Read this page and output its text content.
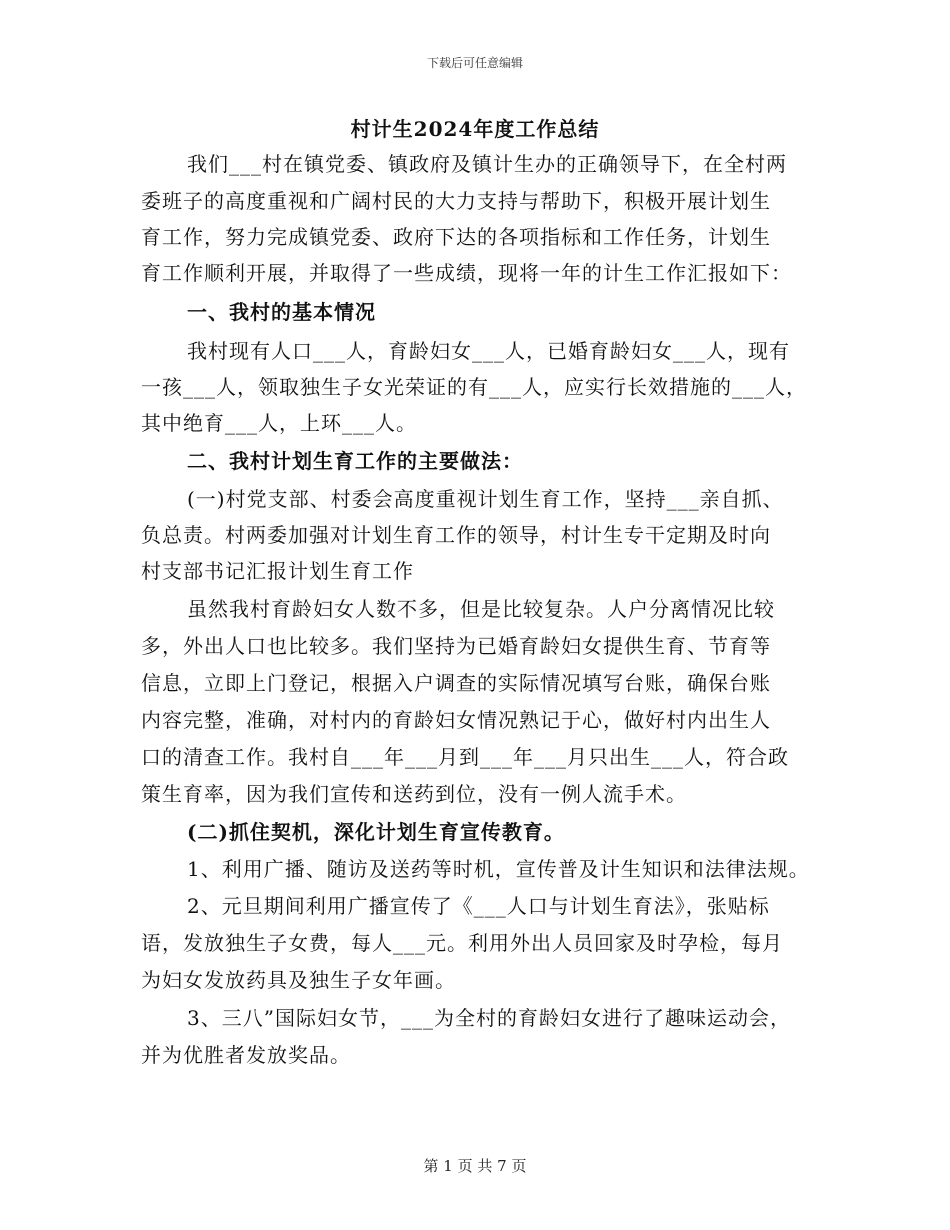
下载后可任意编辑
村计生2024年度工作总结
我们___村在镇党委、镇政府及镇计生办的正确领导下，在全村两
委班子的高度重视和广阔村民的大力支持与帮助下，积极开展计划生
育工作，努力完成镇党委、政府下达的各项指标和工作任务，计划生
育工作顺利开展，并取得了一些成绩，现将一年的计生工作汇报如下：
一、我村的基本情况
我村现有人口___人，育龄妇女___人，已婚育龄妇女___人，现有
一孩___人，领取独生子女光荣证的有___人，应实行长效措施的___人，
其中绝育___人，上环___人。
二、我村计划生育工作的主要做法：
(一)村党支部、村委会高度重视计划生育工作，坚持___亲自抓、
负总责。村两委加强对计划生育工作的领导，村计生专干定期及时向
村支部书记汇报计划生育工作
虽然我村育龄妇女人数不多，但是比较复杂。人户分离情况比较
多，外出人口也比较多。我们坚持为已婚育龄妇女提供生育、节育等
信息，立即上门登记，根据入户调查的实际情况填写台账，确保台账
内容完整，准确，对村内的育龄妇女情况熟记于心，做好村内出生人
口的清查工作。我村自___年___月到___年___月只出生___人，符合政
策生育率，因为我们宣传和送药到位，没有一例人流手术。
(二)抓住契机，深化计划生育宣传教育。
1、利用广播、随访及送药等时机，宣传普及计生知识和法律法规。
2、元旦期间利用广播宣传了《___人口与计划生育法》，张贴标
语，发放独生子女费，每人___元。利用外出人员回家及时孕检，每月
为妇女发放药具及独生子女年画。
3、三八”国际妇女节，___为全村的育龄妇女进行了趣味运动会，
并为优胜者发放奖品。
第 1 页 共 7 页
